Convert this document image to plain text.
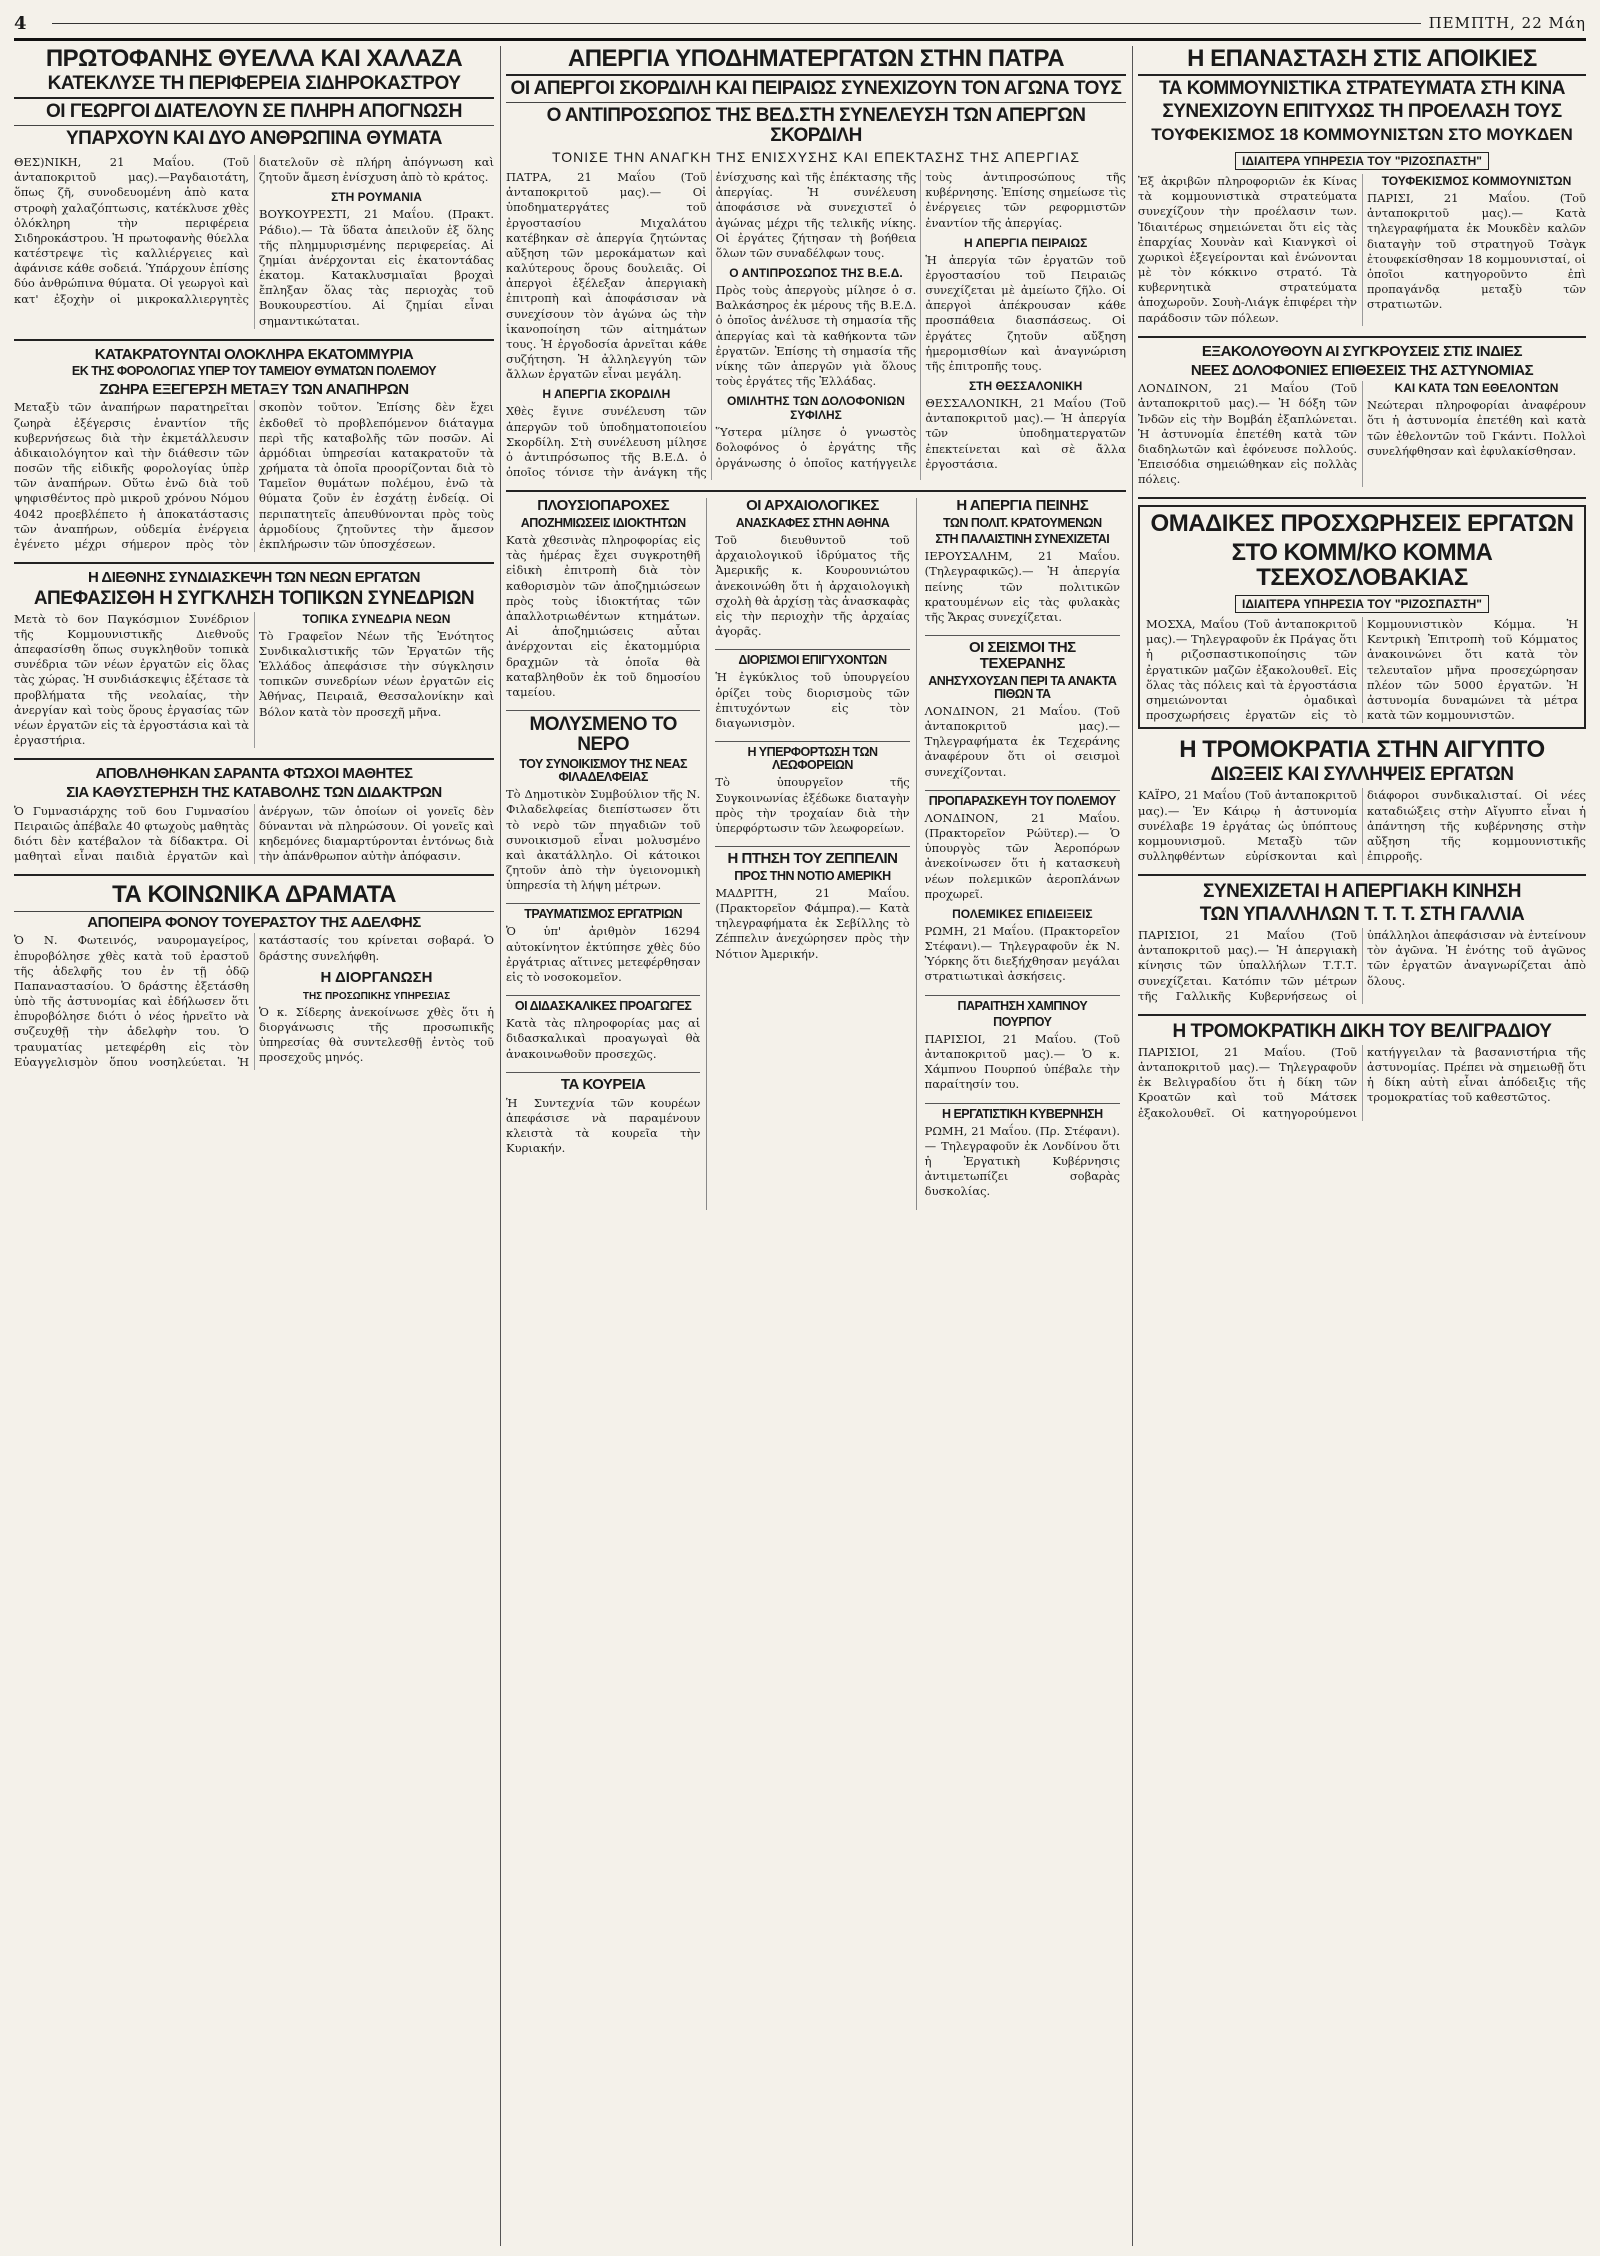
4	ΠΕΜΠΤΗ, 22 Μάη
ΠΡΩΤΟΦΑΝΗΣ ΘΥΕΛΛΑ ΚΑΙ ΧΑΛΑΖΑ
ΚΑΤΕΚΛΥΣΕ ΤΗ ΠΕΡΙΦΕΡΕΙΑ ΣΙΔΗΡΟΚΑΣΤΡΟΥ
ΟΙ ΓΕΩΡΓΟΙ ΔΙΑΤΕΛΟΥΝ ΣΕ ΠΛΗΡΗ ΑΠΟΓΝΩΣΗ
ΥΠΑΡΧΟΥΝ ΚΑΙ ΔΥΟ ΑΝΘΡΩΠΙΝΑ ΘΥΜΑΤΑ

ΘΕΣ)ΝΙΚΗ, 21 Μαΐου. (Τοῦ ἀνταποκριτοῦ μας).—Ραγδαιοτάτη, ὅπως ζῆ, συνοδευομένη ἀπὸ κατα στροφὴ χαλαζόπτωσις, κατέκλυσε χθὲς ὁλόκληρη τὴν περιφέρεια Σιδηροκάστρου. Ἡ πρωτοφανὴς θύελλα κατέστρεψε τὶς καλλιέργειες καὶ ἀφάνισε κάθε σοδειά. Ὑπάρχουν ἐπίσης δύο ἀνθρώπινα θύματα. Οἱ γεωργοὶ καὶ κατ' ἐξοχὴν οἱ μικροκαλλιεργητὲς διατελοῦν σὲ πλήρη ἀπόγνωση καὶ ζητοῦν ἄμεση ἐνίσχυση ἀπὸ τὸ κράτος.

ΣΤΗ ΡΟΥΜΑΝΙΑ

ΒΟΥΚΟΥΡΕΣΤΙ, 21 Μαΐου. (Πρακτ. Ράδιο).— Τὰ ὕδατα ἀπειλοῦν ἐξ ὅλης τῆς πλημμυρισμένης περιφερείας. Αἱ ζημίαι ἀνέρχονται εἰς ἑκατοντάδας ἑκατομ. Κατακλυσμιαῖαι βροχαὶ ἔπληξαν ὅλας τὰς περιοχὰς τοῦ Βουκουρεστίου. Αἱ ζημίαι εἶναι σημαντικώταται.

ΚΑΤΑΚΡΑΤΟΥΝΤΑΙ ΟΛΟΚΛΗΡΑ ΕΚΑΤΟΜΜΥΡΙΑ
ΕΚ ΤΗΣ ΦΟΡΟΛΟΓΙΑΣ ΥΠΕΡ ΤΟΥ ΤΑΜΕΙΟΥ ΘΥΜΑΤΩΝ ΠΟΛΕΜΟΥ
ΖΩΗΡΑ ΕΞΕΓΕΡΣΗ ΜΕΤΑΞΥ ΤΩΝ ΑΝΑΠΗΡΩΝ

Μεταξὺ τῶν ἀναπήρων παρατηρεῖται ζωηρὰ ἐξέγερσις ἐναντίον τῆς κυβερνήσεως διὰ τὴν ἐκμετάλλευσιν ἀδικαιολόγητον καὶ τὴν διάθεσιν τῶν ποσῶν τῆς εἰδικῆς φορολογίας ὑπὲρ τῶν ἀναπήρων. Οὕτω ἐνῶ διὰ τοῦ ψηφισθέντος πρὸ μικροῦ χρόνου Νόμου 4042 προεβλέπετο ἡ ἀποκατάστασις τῶν ἀναπήρων, οὐδεμία ἐνέργεια ἐγένετο μέχρι σήμερον πρὸς τὸν σκοπὸν τοῦτον. Ἐπίσης δὲν ἔχει ἐκδοθεῖ τὸ προβλεπόμενον διάταγμα περὶ τῆς καταβολῆς τῶν ποσῶν. Αἱ ἀρμόδιαι ὑπηρεσίαι κατακρατοῦν τὰ χρήματα τὰ ὁποῖα προορίζονται διὰ τὸ Ταμεῖον θυμάτων πολέμου, ἐνῶ τὰ θύματα ζοῦν ἐν ἐσχάτῃ ἐνδείᾳ. Οἱ περιπατητεῖς ἀπευθύνονται πρὸς τοὺς ἁρμοδίους ζητοῦντες τὴν ἄμεσον ἐκπλήρωσιν τῶν ὑποσχέσεων.

Η ΔΙΕΘΝΗΣ ΣΥΝΔΙΑΣΚΕΨΗ ΤΩΝ ΝΕΩΝ ΕΡΓΑΤΩΝ
ΑΠΕΦΑΣΙΣΘΗ Η ΣΥΓΚΛΗΣΗ ΤΟΠΙΚΩΝ ΣΥΝΕΔΡΙΩΝ

Μετὰ τὸ 6ον Παγκόσμιον Συνέδριον τῆς Κομμουνιστικῆς Διεθνοῦς ἀπεφασίσθη ὅπως συγκληθοῦν τοπικὰ συνέδρια τῶν νέων ἐργατῶν εἰς ὅλας τὰς χώρας. Ἡ συνδιάσκεψις ἐξέτασε τὰ προβλήματα τῆς νεολαίας, τὴν ἀνεργίαν καὶ τοὺς ὅρους ἐργασίας τῶν νέων ἐργατῶν εἰς τὰ ἐργοστάσια καὶ τὰ ἐργαστήρια.

ΤΟΠΙΚΑ ΣΥΝΕΔΡΙΑ ΝΕΩΝ

Τὸ Γραφεῖον Νέων τῆς Ἑνότητος Συνδικαλιστικῆς τῶν Ἐργατῶν τῆς Ἑλλάδος ἀπεφάσισε τὴν σύγκλησιν τοπικῶν συνεδρίων νέων ἐργατῶν εἰς Ἀθήνας, Πειραιᾶ, Θεσσαλονίκην καὶ Βόλον κατὰ τὸν προσεχῆ μῆνα.

ΑΠΟΒΛΗΘΗΚΑΝ ΣΑΡΑΝΤΑ ΦΤΩΧΟΙ ΜΑΘΗΤΕΣ
ΣΙΑ ΚΑΘΥΣΤΕΡΗΣΗ ΤΗΣ ΚΑΤΑΒΟΛΗΣ ΤΩΝ ΔΙΔΑΚΤΡΩΝ

Ὁ Γυμνασιάρχης τοῦ 6ου Γυμνασίου Πειραιῶς ἀπέβαλε 40 φτωχοὺς μαθητὰς διότι δὲν κατέβαλον τὰ δίδακτρα. Οἱ μαθηταὶ εἶναι παιδιὰ ἐργατῶν καὶ ἀνέργων, τῶν ὁποίων οἱ γονεῖς δὲν δύνανται νὰ πληρώσουν. Οἱ γονεῖς καὶ κηδεμόνες διαμαρτύρονται ἐντόνως διὰ τὴν ἀπάνθρωπον αὐτὴν ἀπόφασιν.

ΤΑ ΚΟΙΝΩΝΙΚΑ ΔΡΑΜΑΤΑ
ΑΠΟΠΕΙΡΑ ΦΟΝΟΥ ΤΟΥΕΡΑΣΤΟΥ ΤΗΣ ΑΔΕΛΦΗΣ

Ὁ Ν. Φωτεινός, ναυρομαγείρος, ἐπυροβόλησε χθὲς κατὰ τοῦ ἐραστοῦ τῆς ἀδελφῆς του ἐν τῇ ὁδῷ Παπαναστασίου. Ὁ δράστης ἐξετάσθη ὑπὸ τῆς ἀστυνομίας καὶ ἐδήλωσεν ὅτι ἐπυροβόλησε διότι ὁ νέος ἠρνεῖτο νὰ συζευχθῇ τὴν ἀδελφὴν του. Ὁ τραυματίας μετεφέρθη εἰς τὸν Εὐαγγελισμὸν ὅπου νοσηλεύεται. Ἡ κατάστασίς του κρίνεται σοβαρά. Ὁ δράστης συνελήφθη.

Η ΔΙΟΡΓΑΝΩΣΗ
ΤΗΣ ΠΡΟΣΩΠΙΚΗΣ ΥΠΗΡΕΣΙΑΣ

Ὁ κ. Σίδερης ἀνεκοίνωσε χθὲς ὅτι ἡ διοργάνωσις τῆς προσωπικῆς ὑπηρεσίας θὰ συντελεσθῇ ἐντὸς τοῦ προσεχοῦς μηνός.

ΑΠΕΡΓΙΑ ΥΠΟΔΗΜΑΤΕΡΓΑΤΩΝ ΣΤΗΝ ΠΑΤΡΑ
ΟΙ ΑΠΕΡΓΟΙ ΣΚΟΡΔΙΛΗ ΚΑΙ ΠΕΙΡΑΙΩΣ ΣΥΝΕΧΙΖΟΥΝ ΤΟΝ ΑΓΩΝΑ ΤΟΥΣ
Ο ΑΝΤΙΠΡΟΣΩΠΟΣ ΤΗΣ ΒΕΔ.ΣΤΗ ΣΥΝΕΛΕΥΣΗ ΤΩΝ ΑΠΕΡΓΩΝ ΣΚΟΡΔΙΛΗ
ΤΟΝΙΣΕ ΤΗΝ ΑΝΑΓΚΗ ΤΗΣ ΕΝΙΣΧΥΣΗΣ ΚΑΙ ΕΠΕΚΤΑΣΗΣ ΤΗΣ ΑΠΕΡΓΙΑΣ

ΠΑΤΡΑ, 21 Μαΐου (Τοῦ ἀνταποκριτοῦ μας).— Οἱ ὑποδηματεργάτες τοῦ ἐργοστασίου Μιχαλάτου κατέβηκαν σὲ ἀπεργία ζητώντας αὔξηση τῶν μεροκάματων καὶ καλύτερους ὅρους δουλειᾶς. Οἱ ἀπεργοὶ ἐξέλεξαν ἀπεργιακὴ ἐπιτροπὴ καὶ ἀποφάσισαν νὰ συνεχίσουν τὸν ἀγώνα ὡς τὴν ἱκανοποίηση τῶν αἰτημάτων τους. Ἡ ἐργοδοσία ἀρνεῖται κάθε συζήτηση. Ἡ ἀλληλεγγύη τῶν ἄλλων ἐργατῶν εἶναι μεγάλη.

Η ΑΠΕΡΓΙΑ ΣΚΟΡΔΙΛΗ

Χθὲς ἔγινε συνέλευση τῶν ἀπεργῶν τοῦ ὑποδηματοποιείου Σκορδίλη. Στὴ συνέλευση μίλησε ὁ ἀντιπρόσωπος τῆς Β.Ε.Δ. ὁ ὁποῖος τόνισε τὴν ἀνάγκη τῆς ἐνίσχυσης καὶ τῆς ἐπέκτασης τῆς ἀπεργίας. Ἡ συνέλευση ἀποφάσισε νὰ συνεχιστεῖ ὁ ἀγώνας μέχρι τῆς τελικῆς νίκης. Οἱ ἐργάτες ζήτησαν τὴ βοήθεια ὅλων τῶν συναδέλφων τους.

Ο ΑΝΤΙΠΡΟΣΩΠΟΣ ΤΗΣ Β.Ε.Δ.

Πρὸς τοὺς ἀπεργοὺς μίλησε ὁ σ. Βαλκάσηρος ἐκ μέρους τῆς Β.Ε.Δ. ὁ ὁποῖος ἀνέλυσε τὴ σημασία τῆς ἀπεργίας καὶ τὰ καθήκοντα τῶν ἐργατῶν. Ἐπίσης τὴ σημασία τῆς νίκης τῶν ἀπεργῶν γιὰ ὅλους τοὺς ἐργάτες τῆς Ἑλλάδας.

ΟΜΙΛΗΤΗΣ ΤΩΝ ΔΟΛΟΦΟΝΙΩΝ ΣΥΦΙΛΗΣ

Ὕστερα μίλησε ὁ γνωστὸς δολοφόνος ὁ ἐργάτης τῆς ὀργάνωσης ὁ ὁποῖος κατήγγειλε τοὺς ἀντιπροσώπους τῆς κυβέρνησης. Ἐπίσης σημείωσε τὶς ἐνέργειες τῶν ρεφορμιστῶν ἐναντίον τῆς ἀπεργίας.

Η ΑΠΕΡΓΙΑ ΠΕΙΡΑΙΩΣ

Ἡ ἀπεργία τῶν ἐργατῶν τοῦ ἐργοστασίου τοῦ Πειραιῶς συνεχίζεται μὲ ἀμείωτο ζῆλο. Οἱ ἀπεργοὶ ἀπέκρουσαν κάθε προσπάθεια διασπάσεως. Οἱ ἐργάτες ζητοῦν αὔξηση ἡμερομισθίων καὶ ἀναγνώριση τῆς ἐπιτροπῆς τους.

ΣΤΗ ΘΕΣΣΑΛΟΝΙΚΗ

ΘΕΣΣΑΛΟΝΙΚΗ, 21 Μαΐου (Τοῦ ἀνταποκριτοῦ μας).— Ἡ ἀπεργία τῶν ὑποδηματεργατῶν ἐπεκτείνεται καὶ σὲ ἄλλα ἐργοστάσια.

ΠΛΟΥΣΙΟΠΑΡΟΧΕΣ
ΑΠΟΖΗΜΙΩΣΕΙΣ ΙΔΙΟΚΤΗΤΩΝ

Κατὰ χθεσινὰς πληροφορίας εἰς τὰς ἡμέρας ἔχει συγκροτηθῆ εἰδικὴ ἐπιτροπὴ διὰ τὸν καθορισμὸν τῶν ἀποζημιώσεων πρὸς τοὺς ἰδιοκτήτας τῶν ἀπαλλοτριωθέντων κτημάτων. Αἱ ἀποζημιώσεις αὗται ἀνέρχονται εἰς ἑκατομμύρια δραχμῶν τὰ ὁποῖα θὰ καταβληθοῦν ἐκ τοῦ δημοσίου ταμείου.

ΜΟΛΥΣΜΕΝΟ ΤΟ ΝΕΡΟ
ΤΟΥ ΣΥΝΟΙΚΙΣΜΟΥ ΤΗΣ ΝΕΑΣ ΦΙΛΑΔΕΛΦΕΙΑΣ

Τὸ Δημοτικὸν Συμβούλιον τῆς Ν. Φιλαδελφείας διεπίστωσεν ὅτι τὸ νερὸ τῶν πηγαδιῶν τοῦ συνοικισμοῦ εἶναι μολυσμένο καὶ ἀκατάλληλο. Οἱ κάτοικοι ζητοῦν ἀπὸ τὴν ὑγειονομικὴ ὑπηρεσία τὴ λήψη μέτρων.

ΤΡΑΥΜΑΤΙΣΜΟΣ ΕΡΓΑΤΡΙΩΝ

Ὁ ὑπ' ἀριθμὸν 16294 αὐτοκίνητον ἐκτύπησε χθὲς δύο ἐργάτριας αἵτινες μετεφέρθησαν εἰς τὸ νοσοκομεῖον.

ΟΙ ΔΙΔΑΣΚΑΛΙΚΕΣ ΠΡΟΑΓΩΓΕΣ

Κατὰ τὰς πληροφορίας μας αἱ διδασκαλικαὶ προαγωγαὶ θὰ ἀνακοινωθοῦν προσεχῶς.

ΤΑ ΚΟΥΡΕΙΑ

Ἡ Συντεχνία τῶν κουρέων ἀπεφάσισε νὰ παραμένουν κλειστὰ τὰ κουρεῖα τὴν Κυριακήν.

ΟΙ ΑΡΧΑΙΟΛΟΓΙΚΕΣ
ΑΝΑΣΚΑΦΕΣ ΣΤΗΝ ΑΘΗΝΑ

Τοῦ διευθυντοῦ τοῦ ἀρχαιολογικοῦ ἱδρύματος τῆς Ἀμερικῆς κ. Κουρουνιώτου ἀνεκοινώθη ὅτι ἡ ἀρχαιολογικὴ σχολὴ θὰ ἀρχίσῃ τὰς ἀνασκαφὰς εἰς τὴν περιοχὴν τῆς ἀρχαίας ἀγορᾶς.

ΔΙΟΡΙΣΜΟΙ ΕΠΙΓΥΧΟΝΤΩΝ

Ἡ ἐγκύκλιος τοῦ ὑπουργείου ὁρίζει τοὺς διορισμοὺς τῶν ἐπιτυχόντων εἰς τὸν διαγωνισμὸν.

Η ΥΠΕΡΦΟΡΤΩΣΗ ΤΩΝ ΛΕΩΦΟΡΕΙΩΝ

Τὸ ὑπουργεῖον τῆς Συγκοινωνίας ἐξέδωκε διαταγὴν πρὸς τὴν τροχαίαν διὰ τὴν ὑπερφόρτωσιν τῶν λεωφορείων.

Η ΠΤΗΣΗ ΤΟΥ ΖΕΠΠΕΛΙΝ
ΠΡΟΣ ΤΗΝ ΝΟΤΙΟ ΑΜΕΡΙΚΗ

ΜΑΔΡΙΤΗ, 21 Μαΐου. (Πρακτορεῖον Φάμπρα).— Κατὰ τηλεγραφήματα ἐκ Σεβίλλης τὸ Ζέππελιν ἀνεχώρησεν πρὸς τὴν Νότιον Ἀμερικήν.

Η ΑΠΕΡΓΙΑ ΠΕΙΝΗΣ
ΤΩΝ ΠΟΛΙΤ. ΚΡΑΤΟΥΜΕΝΩΝ
ΣΤΗ ΠΑΛΑΙΣΤΙΝΗ ΣΥΝΕΧΙΖΕΤΑΙ

ΙΕΡΟΥΣΑΛΗΜ, 21 Μαΐου. (Τηλεγραφικῶς).— Ἡ ἀπεργία πείνης τῶν πολιτικῶν κρατουμένων εἰς τὰς φυλακὰς τῆς Ἄκρας συνεχίζεται.

ΟΙ ΣΕΙΣΜΟΙ ΤΗΣ ΤΕΧΕΡΑΝΗΣ
ΑΝΗΣΥΧΟΥΣΑΝ ΠΕΡΙ ΤΑ ΑΝΑΚΤΑ ΠΙΘΩΝ ΤΑ

ΛΟΝΔΙΝΟΝ, 21 Μαΐου. (Τοῦ ἀνταποκριτοῦ μας).— Τηλεγραφήματα ἐκ Τεχεράνης ἀναφέρουν ὅτι οἱ σεισμοὶ συνεχίζονται.

ΠΡΟΠΑΡΑΣΚΕΥΗ ΤΟΥ ΠΟΛΕΜΟΥ

ΛΟΝΔΙΝΟΝ, 21 Μαΐου. (Πρακτορεῖον Ρώϋτερ).— Ὁ ὑπουργὸς τῶν Ἀεροπόρων ἀνεκοίνωσεν ὅτι ἡ κατασκευὴ νέων πολεμικῶν ἀεροπλάνων προχωρεῖ.

ΠΟΛΕΜΙΚΕΣ ΕΠΙΔΕΙΞΕΙΣ

ΡΩΜΗ, 21 Μαΐου. (Πρακτορεῖον Στέφανι).— Τηλεγραφοῦν ἐκ Ν. Ὑόρκης ὅτι διεξήχθησαν μεγάλαι στρατιωτικαὶ ἀσκήσεις.

ΠΑΡΑΙΤΗΣΗ ΧΑΜΠΝΟΥ
ΠΟΥΡΠΟΥ

ΠΑΡΙΣΙΟΙ, 21 Μαΐου. (Τοῦ ἀνταποκριτοῦ μας).— Ὁ κ. Χάμπνου Πουρπού ὑπέβαλε τὴν παραίτησίν του.

Η ΕΡΓΑΤΙΣΤΙΚΗ ΚΥΒΕΡΝΗΣΗ

ΡΩΜΗ, 21 Μαΐου. (Πρ. Στέφανι).— Τηλεγραφοῦν ἐκ Λονδίνου ὅτι ἡ Ἐργατικὴ Κυβέρνησις ἀντιμετωπίζει σοβαρὰς δυσκολίας.

Η ΕΠΑΝΑΣΤΑΣΗ ΣΤΙΣ ΑΠΟΙΚΙΕΣ
ΤΑ ΚΟΜΜΟΥΝΙΣΤΙΚΑ ΣΤΡΑΤΕΥΜΑΤΑ ΣΤΗ ΚΙΝΑ
ΣΥΝΕΧΙΖΟΥΝ ΕΠΙΤΥΧΩΣ ΤΗ ΠΡΟΕΛΑΣΗ ΤΟΥΣ
ΤΟΥΦΕΚΙΣΜΟΣ 18 ΚΟΜΜΟΥΝΙΣΤΩΝ ΣΤΟ ΜΟΥΚΔΕΝ
ΙΔΙΑΙΤΕΡΑ ΥΠΗΡΕΣΙΑ ΤΟΥ "ΡΙΖΟΣΠΑΣΤΗ"

Ἐξ ἀκριβῶν πληροφοριῶν ἐκ Κίνας τὰ κομμουνιστικὰ στρατεύματα συνεχίζουν τὴν προέλασιν των. Ἰδιαιτέρως σημειώνεται ὅτι εἰς τὰς ἐπαρχίας Χουνὰν καὶ Κιανγκσὶ οἱ χωρικοὶ ἐξεγείρονται καὶ ἑνώνονται μὲ τὸν κόκκινο στρατό. Τὰ κυβερνητικὰ στρατεύματα ἀποχωροῦν. Σουὴ-Λιάγκ ἐπιφέρει τὴν παράδοσιν τῶν πόλεων.

ΤΟΥΦΕΚΙΣΜΟΣ ΚΟΜΜΟΥΝΙΣΤΩΝ

ΠΑΡΙΣΙ, 21 Μαΐου. (Τοῦ ἀνταποκριτοῦ μας).— Κατὰ τηλεγραφήματα ἐκ Μουκδὲν καλῶν διαταγὴν τοῦ στρατηγοῦ Τσὰγκ ἐτουφεκίσθησαν 18 κομμουνισταί, οἱ ὁποῖοι κατηγοροῦντο ἐπὶ προπαγάνδᾳ μεταξὺ τῶν στρατιωτῶν.

ΕΞΑΚΟΛΟΥΘΟΥΝ ΑΙ ΣΥΓΚΡΟΥΣΕΙΣ ΣΤΙΣ ΙΝΔΙΕΣ
ΝΕΕΣ ΔΟΛΟΦΟΝΙΕΣ ΕΠΙΘΕΣΕΙΣ ΤΗΣ ΑΣΤΥΝΟΜΙΑΣ

ΛΟΝΔΙΝΟΝ, 21 Μαΐου (Τοῦ ἀνταποκριτοῦ μας).— Ἡ δόξη τῶν Ἰνδῶν εἰς τὴν Βομβάη ἐξαπλώνεται. Ἡ ἀστυνομία ἐπετέθη κατὰ τῶν διαδηλωτῶν καὶ ἐφόνευσε πολλούς. Ἐπεισόδια σημειώθηκαν εἰς πολλὰς πόλεις.

ΚΑΙ ΚΑΤΑ ΤΩΝ ΕΘΕΛΟΝΤΩΝ

Νεώτεραι πληροφορίαι ἀναφέρουν ὅτι ἡ ἀστυνομία ἐπετέθη καὶ κατὰ τῶν ἐθελοντῶν τοῦ Γκάντι. Πολλοὶ συνελήφθησαν καὶ ἐφυλακίσθησαν.

ΟΜΑΔΙΚΕΣ ΠΡΟΣΧΩΡΗΣΕΙΣ ΕΡΓΑΤΩΝ
ΣΤΟ ΚΟΜΜ/ΚΟ ΚΟΜΜΑ ΤΣΕΧΟΣΛΟΒΑΚΙΑΣ
ΙΔΙΑΙΤΕΡΑ ΥΠΗΡΕΣΙΑ ΤΟΥ "ΡΙΖΟΣΠΑΣΤΗ"

ΜΟΣΧΑ, Μαΐου (Τοῦ ἀνταποκριτοῦ μας).— Τηλεγραφοῦν ἐκ Πράγας ὅτι ἡ ριζοσπαστικοποίησις τῶν ἐργατικῶν μαζῶν ἐξακολουθεῖ. Εἰς ὅλας τὰς πόλεις καὶ τὰ ἐργοστάσια σημειώνονται ὁμαδικαὶ προσχωρήσεις ἐργατῶν εἰς τὸ Κομμουνιστικὸν Κόμμα. Ἡ Κεντρικὴ Ἐπιτροπὴ τοῦ Κόμματος ἀνακοινώνει ὅτι κατὰ τὸν τελευταῖον μῆνα προσεχώρησαν πλέον τῶν 5000 ἐργατῶν. Ἡ ἀστυνομία δυναμώνει τὰ μέτρα κατὰ τῶν κομμουνιστῶν.

Η ΤΡΟΜΟΚΡΑΤΙΑ ΣΤΗΝ ΑΙΓΥΠΤΟ
ΔΙΩΞΕΙΣ ΚΑΙ ΣΥΛΛΗΨΕΙΣ ΕΡΓΑΤΩΝ

ΚΑΪΡΟ, 21 Μαΐου (Τοῦ ἀνταποκριτοῦ μας).— Ἐν Κάιρῳ ἡ ἀστυνομία συνέλαβε 19 ἐργάτας ὡς ὑπόπτους κομμουνισμοῦ. Μεταξὺ τῶν συλληφθέντων εὑρίσκονται καὶ διάφοροι συνδικαλισταί. Οἱ νέες καταδιώξεις στὴν Αἴγυπτο εἶναι ἡ ἀπάντηση τῆς κυβέρνησης στὴν αὔξηση τῆς κομμουνιστικῆς ἐπιρροῆς.

ΣΥΝΕΧΙΖΕΤΑΙ Η ΑΠΕΡΓΙΑΚΗ ΚΙΝΗΣΗ
ΤΩΝ ΥΠΑΛΛΗΛΩΝ Τ. Τ. Τ. ΣΤΗ ΓΑΛΛΙΑ

ΠΑΡΙΣΙΟΙ, 21 Μαΐου (Τοῦ ἀνταποκριτοῦ μας).— Ἡ ἀπεργιακὴ κίνησις τῶν ὑπαλλήλων Τ.Τ.Τ. συνεχίζεται. Κατόπιν τῶν μέτρων τῆς Γαλλικῆς Κυβερνήσεως οἱ ὑπάλληλοι ἀπεφάσισαν νὰ ἐντείνουν τὸν ἀγῶνα. Ἡ ἐνότης τοῦ ἀγῶνος τῶν ἐργατῶν ἀναγνωρίζεται ἀπὸ ὅλους.

Η ΤΡΟΜΟΚΡΑΤΙΚΗ ΔΙΚΗ ΤΟΥ ΒΕΛΙΓΡΑΔΙΟΥ

ΠΑΡΙΣΙΟΙ, 21 Μαΐου. (Τοῦ ἀνταποκριτοῦ μας).— Τηλεγραφοῦν ἐκ Βελιγραδίου ὅτι ἡ δίκη τῶν Κροατῶν καὶ τοῦ Μάτσεκ ἐξακολουθεῖ. Οἱ κατηγορούμενοι κατήγγειλαν τὰ βασανιστήρια τῆς ἀστυνομίας. Πρέπει νὰ σημειωθῇ ὅτι ἡ δίκη αὐτὴ εἶναι ἀπόδειξις τῆς τρομοκρατίας τοῦ καθεστῶτος.
